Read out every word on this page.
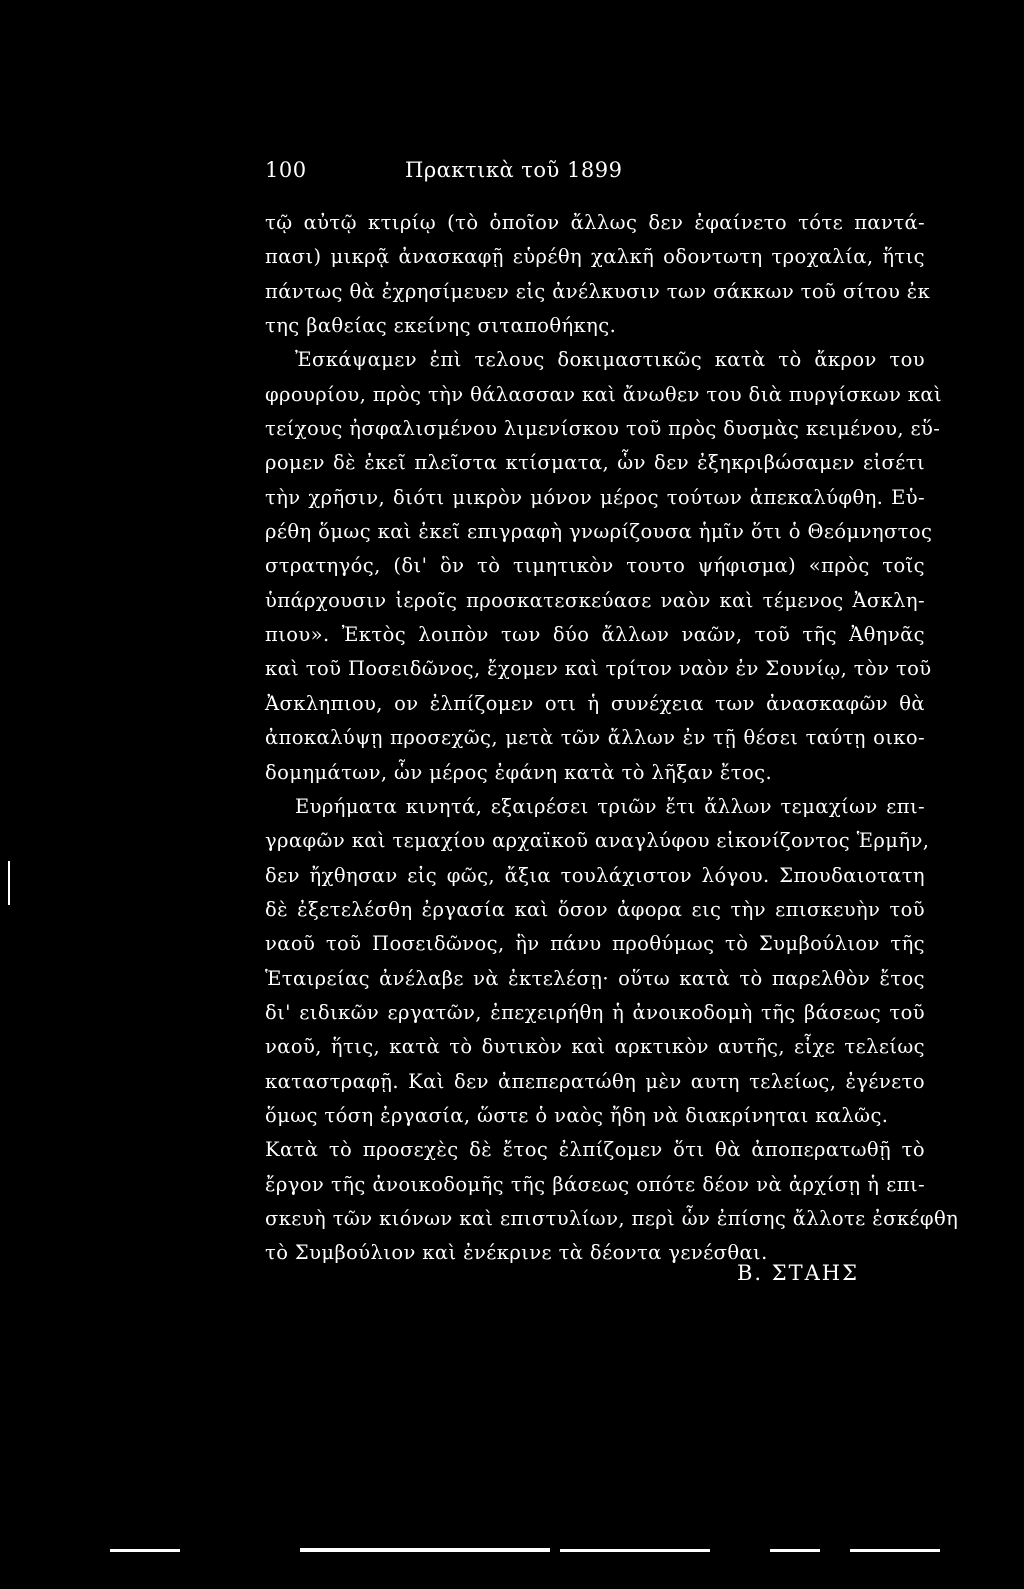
100	Πρακτικὰ τοῦ 1899
τῷ αὐτῷ κτιρίῳ (τὸ ὁποῖον ἄλλως δεν ἐφαίνετο τότε παντά-
πασι) μικρᾷ ἀνασκαφῇ εὑρέθη χαλκῆ οδοντωτη τροχαλία, ἥτις
πάντως θὰ ἐχρησίμευεν εἰς ἀνέλκυσιν των σάκκων τοῦ σίτου ἐκ
της βαθείας εκείνης σιταποθήκης.
Ἐσκάψαμεν ἐπὶ τελους δοκιμαστικῶς κατὰ τὸ ἄκρον του
φρουρίου, πρὸς τὴν θάλασσαν καὶ ἄνωθεν του διὰ πυργίσκων καὶ
τείχους ἠσφαλισμένου λιμενίσκου τοῦ πρὸς δυσμὰς κειμένου, εὕ-
ρομεν δὲ ἐκεῖ πλεῖστα κτίσματα, ὧν δεν ἐξηκριβώσαμεν εἰσέτι
τὴν χρῆσιν, διότι μικρὸν μόνον μέρος τούτων ἀπεκαλύφθη. Εὑ-
ρέθη ὅμως καὶ ἐκεῖ επιγραφὴ γνωρίζουσα ἡμῖν ὅτι ὁ Θεόμνηστος
στρατηγός, (δι' ὃν τὸ τιμητικὸν τουτο ψήφισμα) «πρὸς τοῖς
ὑπάρχουσιν ἱεροῖς προσκατεσκεύασε ναὸν καὶ τέμενος Ἀσκλη-
πιου». Ἐκτὸς λοιπὸν των δύο ἄλλων ναῶν, τοῦ τῆς Ἀθηνᾶς
καὶ τοῦ Ποσειδῶνος, ἔχομεν καὶ τρίτον ναὸν ἐν Σουνίῳ, τὸν τοῦ
Ἀσκληπιου, ον ἐλπίζομεν οτι ἡ συνέχεια των ἀνασκαφῶν θὰ
ἀποκαλύψῃ προσεχῶς, μετὰ τῶν ἄλλων ἐν τῇ θέσει ταύτῃ οικο-
δομημάτων, ὧν μέρος ἐφάνη κατὰ τὸ λῆξαν ἔτος.
Ευρήματα κινητά, εξαιρέσει τριῶν ἔτι ἄλλων τεμαχίων επι-
γραφῶν καὶ τεμαχίου αρχαϊκοῦ αναγλύφου εἰκονίζοντος Ἑρμῆν,
δεν ἤχθησαν εἰς φῶς, ἄξια τουλάχιστον λόγου. Σπουδαιοτατη
δὲ ἐξετελέσθη ἐργασία καὶ ὅσον ἀφορα εις τὴν επισκευὴν τοῦ
ναοῦ τοῦ Ποσειδῶνος, ἣν πάνυ προθύμως τὸ Συμβούλιον τῆς
Ἑταιρείας ἀνέλαβε νὰ ἐκτελέσῃ· οὕτω κατὰ τὸ παρελθὸν ἔτος
δι' ειδικῶν εργατῶν, ἐπεχειρήθη ἡ ἀνοικοδομὴ τῆς βάσεως τοῦ
ναοῦ, ἥτις, κατὰ τὸ δυτικὸν καὶ αρκτικὸν αυτῆς, εἶχε τελείως
καταστραφῇ. Καὶ δεν ἀπεπερατώθη μὲν αυτη τελείως, ἐγένετο
ὅμως τόση ἐργασία, ὥστε ὁ ναὸς ἤδη νὰ διακρίνηται καλῶς.
Κατὰ τὸ προσεχὲς δὲ ἔτος ἐλπίζομεν ὅτι θὰ ἀποπερατωθῇ τὸ
ἔργον τῆς ἀνοικοδομῆς τῆς βάσεως οπότε δέον νὰ ἀρχίσῃ ἡ επι-
σκευὴ τῶν κιόνων καὶ επιστυλίων, περὶ ὧν ἐπίσης ἄλλοτε ἐσκέφθη
τὸ Συμβούλιον καὶ ἐνέκρινε τὰ δέοντα γενέσθαι.
Β. ΣΤΑΗΣ
